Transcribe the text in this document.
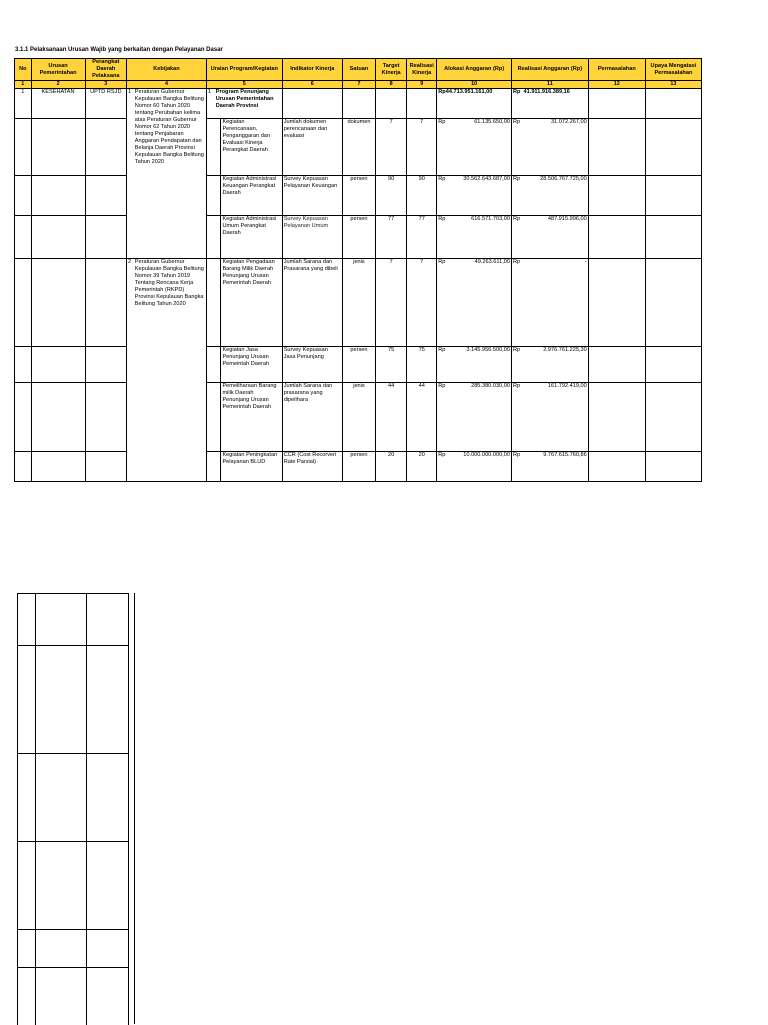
3.1.1 Pelaksanaan Urusan Wajib yang berkaitan dengan Pelayanan Dasar
No	Urusan Pemerintahan	Perangkat Daerah Pelaksana	Kebijakan		Uraian Program/Kegiatan			Indikator Kinerja	Satuan	Target Kinerja	Realisasi Kinerja	Alokasi Anggaran (Rp)	Realisasi Anggaran (Rp)	Permasalahan	Upaya Mengatasi Permasalahan
1	2	3	4		5			6	7	8	9	10	11	12	13
1	KESEHATAN	UPTD RSJD	1	Peraturan Gubernur Kepulauan Bangka Belitung Nomor 60 Tahun 2020 tentang Perubahan kelima atas Peraturan Gubernur Nomor 62 Tahun 2020 tentang Penjabaran Anggaran Pendapatan dan Belanja Daerah Provinsi Kepulauan Bangka Belitung Tahun 2020	1	Program Penunjang Urusan Pemerintahan Daerah Provinsi						Rp 44.713.951.161,00	Rp 41.911.916.389,16		
							Kegiatan Perencanaan, Penganggaran dan Evaluasi Kinerja Perangkat Daerah	Jumlah dokumen perencanaan dan evaluasi	dokumen	7	7	Rp 61.135.650,00	Rp 31.072.267,00		

							Kegiatan Administrasi Keuangan Perangkat Daerah	Survey Kepuasan Pelayanan Keuangan	persen	90	90	Rp 30.562.643.687,00	Rp 28.506.767.725,00		

							Kegiatan Administrasi Umum Perangkat Daerah	Survey Kepuasan Pelayanan Umum	persen	77	77	Rp 616.571.703,00	Rp 487.915.996,00		

			2	Peraturan Gubernur Kepulauan Bangka Belitung Nomor 39 Tahun 2019 Tentang Rencana Kerja Pemerintah (RKPD) Provinsi Kepulauan Bangka Belitung Tahun 2020			Kegiatan Pengadaan Barang Milik Daerah Penunjang Urusan Pemerintah Daerah	Jumlah Sarana dan Prasarana yang dibeli	jenis	7	7	Rp 49.263.611,00	Rp -		

							Kegiatan Jasa Penunjang Urusan Pemeintah Daerah	Survey Kepuasan Jasa Penunjang	persen	75	75	Rp 3.145.956.500,00	Rp 2.976.761.225,30		

							Pemeliharaan Barang milik Daerah Penunjang Urusan Pemerintah Daerah	Jumlah Sarana dan prasarana yang dipelihara	jenis	44	44	Rp 285.380.030,00	Rp 161.792.419,00		

							Kegiatan Peningkatan Pelayanan BLUD	CCR (Cost Recorveri Rate Parsial)	persen	20	20	Rp 10.000.000.000,00	Rp 9.767.615.760,86		
